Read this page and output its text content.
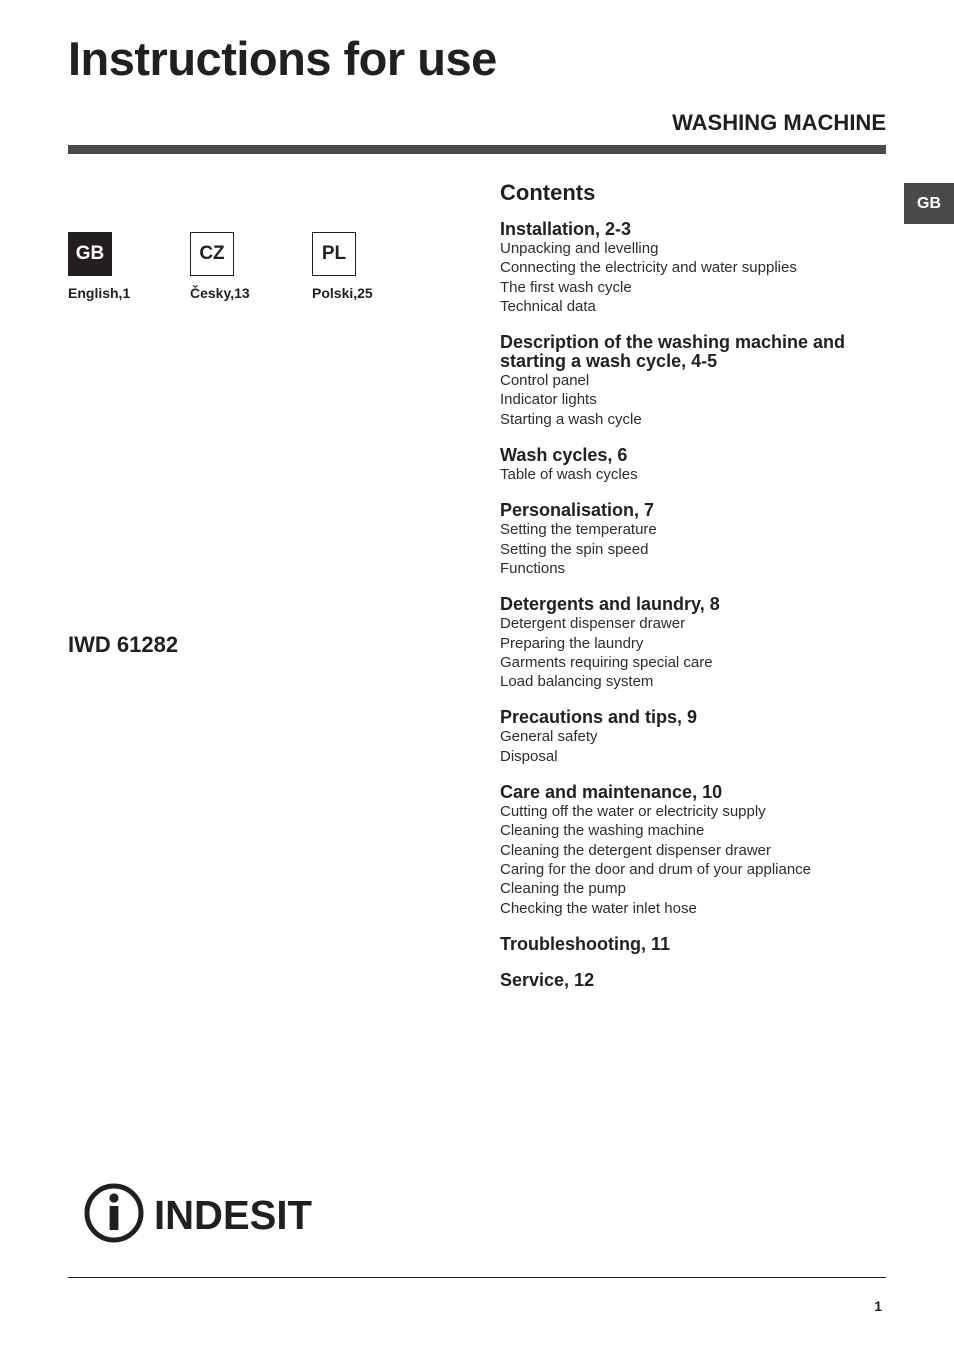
Instructions for use
WASHING MACHINE
GB
GB
English,1
CZ
Česky,13
PL
Polski,25
IWD 61282
Contents
Installation, 2-3
Unpacking and levelling
Connecting the electricity and water supplies
The first wash cycle
Technical data
Description of the washing machine and starting a wash cycle, 4-5
Control panel
Indicator lights
Starting a wash cycle
Wash cycles, 6
Table of wash cycles
Personalisation, 7
Setting the temperature
Setting the spin speed
Functions
Detergents and laundry, 8
Detergent dispenser drawer
Preparing the laundry
Garments requiring special care
Load balancing system
Precautions and tips, 9
General safety
Disposal
Care and maintenance, 10
Cutting off the water or electricity supply
Cleaning the washing machine
Cleaning the detergent dispenser drawer
Caring for the door and drum of your appliance
Cleaning the pump
Checking the water inlet hose
Troubleshooting, 11
Service, 12
INDESIT
1
